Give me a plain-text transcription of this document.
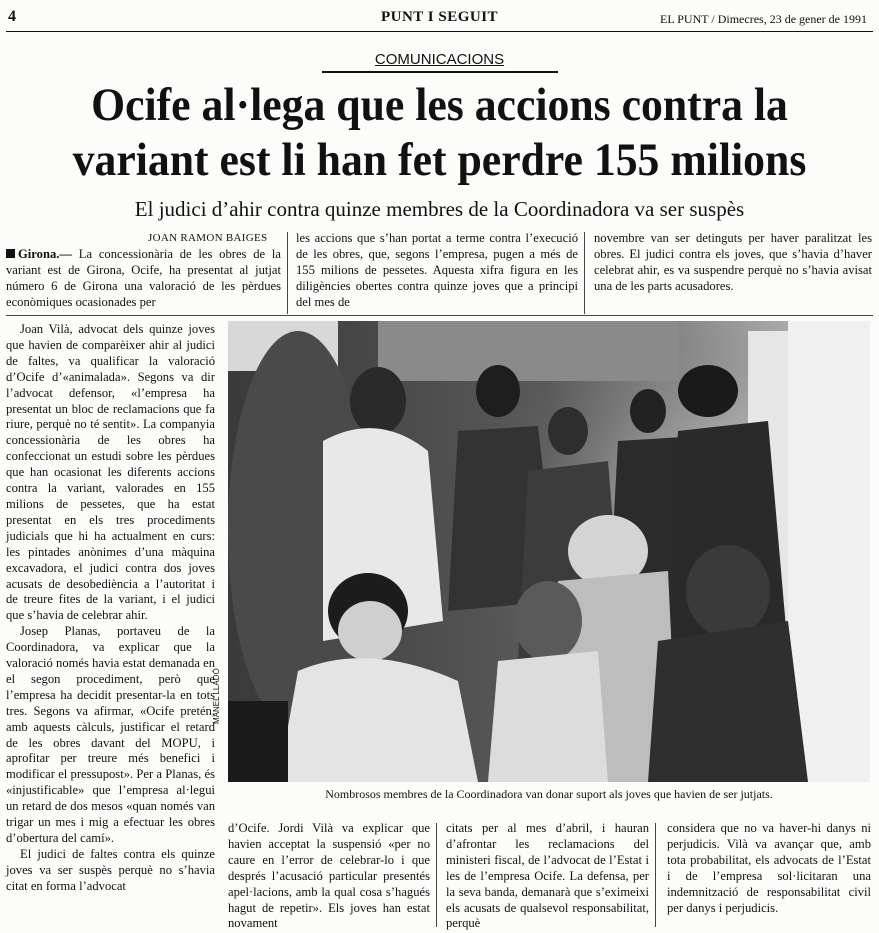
4	PUNT I SEGUIT	EL PUNT / Dimecres, 23 de gener de 1991
COMUNICACIONS
Ocife al·lega que les accions contra la
variant est li han fet perdre 155 milions
El judici d’ahir contra quinze membres de la Coordinadora va ser suspès
JOAN RAMON BAIGES

Girona.— La concessionària de les obres de la variant est de Girona, Ocife, ha presentat al jutjat número 6 de Girona una valoració de les pèrdues econòmiques ocasionades per

les accions que s’han portat a terme contra l’execució de les obres, que, segons l’empresa, pugen a més de 155 milions de pessetes. Aquesta xifra figura en les diligències obertes contra quinze joves que a principi del mes de

novembre van ser detinguts per haver paralitzat les obres. El judici contra els joves, que s’havia d’haver celebrat ahir, es va suspendre perquè no s’havia avisat una de les parts acusadores.

Joan Vilà, advocat dels quinze joves que havien de comparèixer ahir al judici de faltes, va qualificar la valoració d’Ocife d’«animalada». Segons va dir l’advocat defensor, «l’empresa ha presentat un bloc de reclamacions que fa riure, perquè no té sentit». La companyia concessionària de les obres ha confeccionat un estudi sobre les pèrdues que han ocasionat les diferents accions contra la variant, valorades en 155 milions de pessetes, que ha estat presentat en els tres procediments judicials que hi ha actualment en curs: les pintades anònimes d’una màquina excavadora, el judici contra dos joves acusats de desobediència a l’autoritat i de treure fites de la variant, i el judici que s’havia de celebrar ahir.

Josep Planas, portaveu de la Coordinadora, va explicar que la valoració només havia estat demanada en el segon procediment, però que l’empresa ha decidit presentar-la en tots tres. Segons va afirmar, «Ocife pretén, amb aquests càlculs, justificar el retard de les obres davant del MOPU, i aprofitar per treure més benefici i modificar el pressupost». Per a Planas, és «injustificable» que l’empresa al·legui un retard de dos mesos «quan només van trigar un mes i mig a efectuar les obres d’obertura del camí».

El judici de faltes contra els quinze joves va ser suspès perquè no s’havia citat en forma l’advocat

MANEL LLADÓ
Nombrosos membres de la Coordinadora van donar suport als joves que havien de ser jutjats.

d’Ocife. Jordi Vilà va explicar que havien acceptat la suspensió «per no caure en l’error de celebrar-lo i que després l’acusació particular presentés apel·lacions, amb la qual cosa s’hagués hagut de repetir». Els joves han estat novament

citats per al mes d’abril, i hauran d’afrontar les reclamacions del ministeri fiscal, de l’advocat de l’Estat i les de l’empresa Ocife. La defensa, per la seva banda, demanarà que s’eximeixi els acusats de qualsevol responsabilitat, perquè

considera que no va haver-hi danys ni perjudicis. Vilà va avançar que, amb tota probabilitat, els advocats de l’Estat i de l’empresa sol·licitaran una indemnització de responsabilitat civil per danys i perjudicis.
